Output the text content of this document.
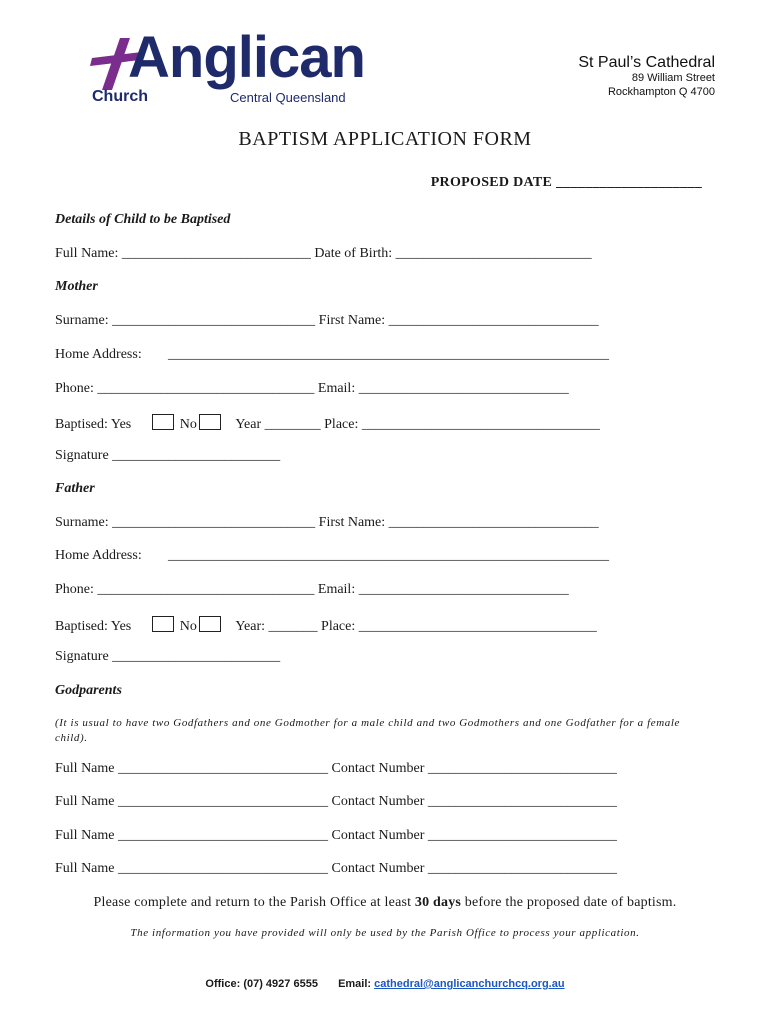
Anglican
Church	Central Queensland
St Paul’s Cathedral
89 William Street
Rockhampton Q 4700
BAPTISM APPLICATION FORM
PROPOSED DATE ____________________
Details of Child to be Baptised
Full Name: ___________________________ Date of Birth: ____________________________
Mother
Surname: _____________________________ First Name: ______________________________
Home Address: _______________________________________________________________
Phone: _______________________________ Email: ______________________________
Baptised: Yes	No	Year ________ Place: __________________________________
Signature ________________________
Father
Surname: _____________________________ First Name: ______________________________
Home Address: _______________________________________________________________
Phone: _______________________________ Email: ______________________________
Baptised: Yes	No	Year: _______ Place: __________________________________
Signature ________________________
Godparents
(It is usual to have two Godfathers and one Godmother for a male child and two Godmothers and one Godfather for a female child).
Full Name ______________________________ Contact Number ___________________________
Full Name ______________________________ Contact Number ___________________________
Full Name ______________________________ Contact Number ___________________________
Full Name ______________________________ Contact Number ___________________________
Please complete and return to the Parish Office at least 30 days before the proposed date of baptism.
The information you have provided will only be used by the Parish Office to process your application.
Office: (07) 4927 6555 Email: cathedral@anglicanchurchcq.org.au
